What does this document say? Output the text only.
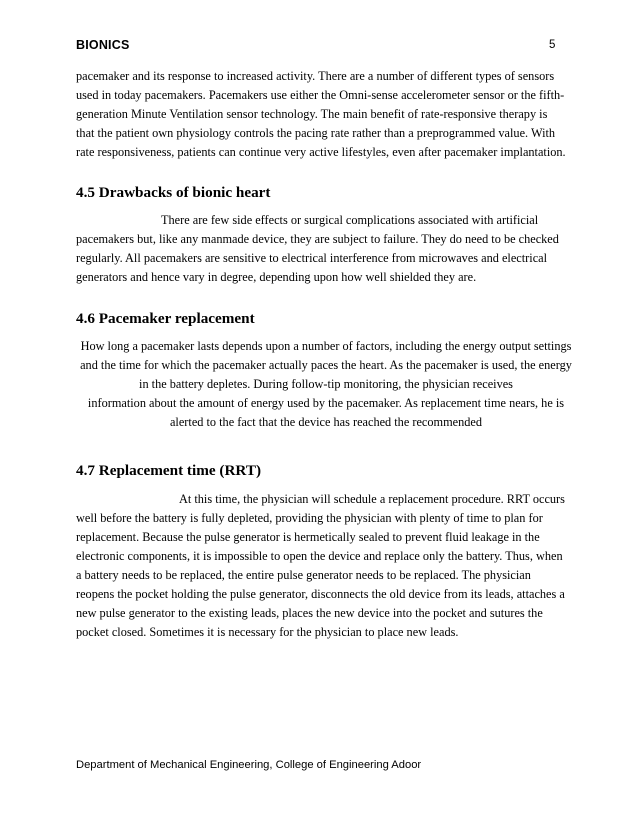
BIONICS	5
pacemaker and its response to increased activity. There are a number of different types of sensors
used in today pacemakers. Pacemakers use either the Omni-sense accelerometer sensor or the fifth-
generation Minute Ventilation sensor technology. The main benefit of rate-responsive therapy is
that the patient own physiology controls the pacing rate rather than a preprogrammed value. With
rate responsiveness, patients can continue very active lifestyles, even after pacemaker implantation.
4.5 Drawbacks of bionic heart
There are few side effects or surgical complications associated with artificial
pacemakers but, like any manmade device, they are subject to failure. They do need to be checked
regularly. All pacemakers are sensitive to electrical interference from microwaves and electrical
generators and hence vary in degree, depending upon how well shielded they are.
4.6 Pacemaker replacement
How long a pacemaker lasts depends upon a number of factors, including the energy output settings
and the time for which the pacemaker actually paces the heart. As the pacemaker is used, the energy
in the battery depletes. During follow-tip monitoring, the physician receives
information about the amount of energy used by the pacemaker. As replacement time nears, he is
alerted to the fact that the device has reached the recommended
4.7 Replacement time (RRT)
At this time, the physician will schedule a replacement procedure. RRT occurs
well before the battery is fully depleted, providing the physician with plenty of time to plan for
replacement. Because the pulse generator is hermetically sealed to prevent fluid leakage in the
electronic components, it is impossible to open the device and replace only the battery. Thus, when
a battery needs to be replaced, the entire pulse generator needs to be replaced. The physician
reopens the pocket holding the pulse generator, disconnects the old device from its leads, attaches a
new pulse generator to the existing leads, places the new device into the pocket and sutures the
pocket closed. Sometimes it is necessary for the physician to place new leads.
Department of Mechanical Engineering, College of Engineering Adoor
